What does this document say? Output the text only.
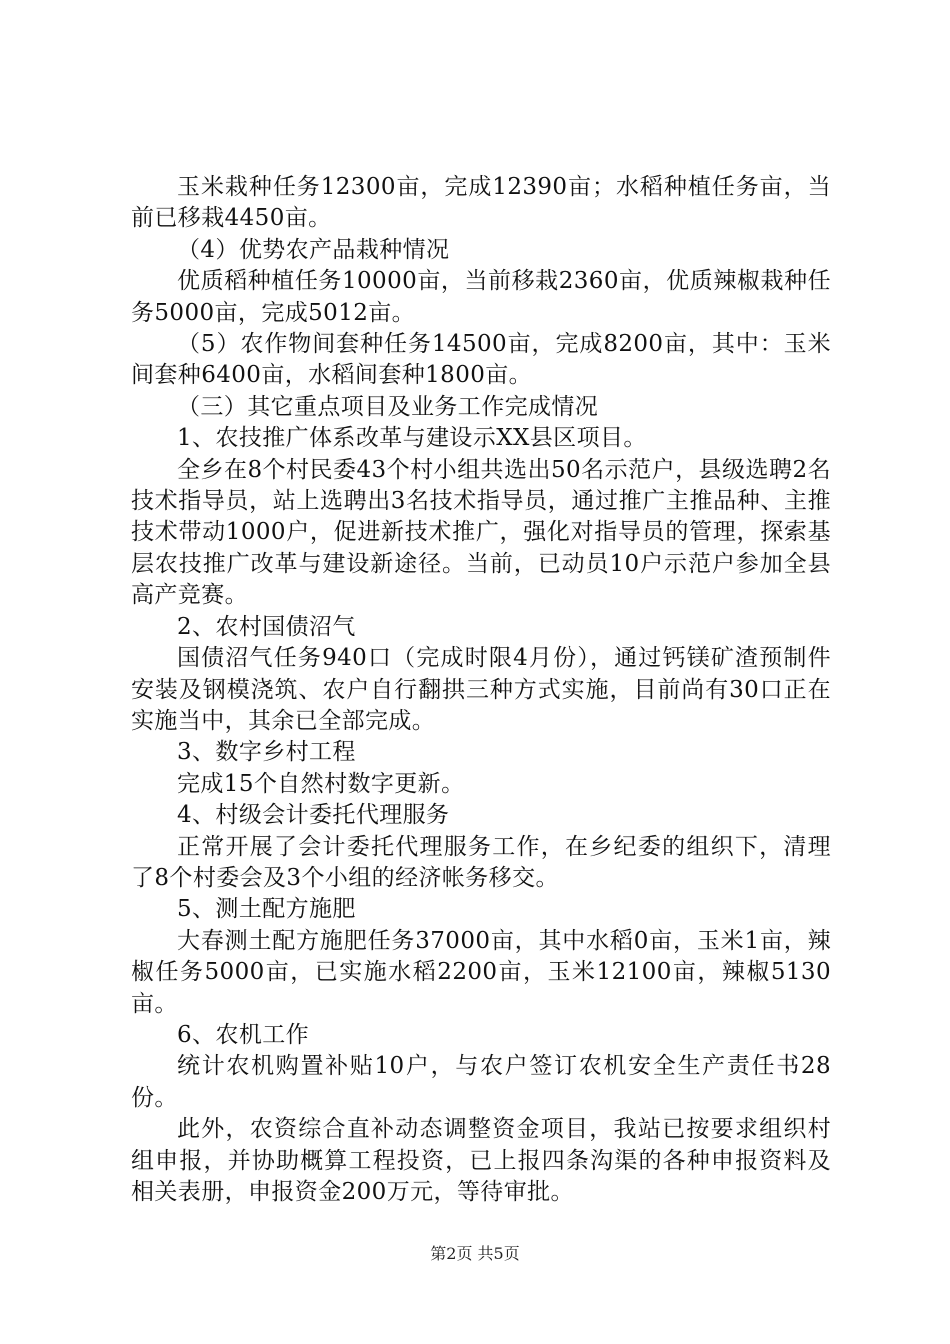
玉米栽种任务12300亩，完成12390亩；水稻种植任务亩，当前已移栽4450亩。

（4）优势农产品栽种情况

优质稻种植任务10000亩，当前移栽2360亩，优质辣椒栽种任务5000亩，完成5012亩。

（5）农作物间套种任务14500亩，完成8200亩，其中：玉米间套种6400亩，水稻间套种1800亩。

（三）其它重点项目及业务工作完成情况

1、农技推广体系改革与建设示XX县区项目。

全乡在8个村民委43个村小组共选出50名示范户，县级选聘2名技术指导员，站上选聘出3名技术指导员，通过推广主推品种、主推技术带动1000户，促进新技术推广，强化对指导员的管理，探索基层农技推广改革与建设新途径。当前，已动员10户示范户参加全县高产竞赛。

2、农村国债沼气

国债沼气任务940口（完成时限4月份），通过钙镁矿渣预制件安装及钢模浇筑、农户自行翻拱三种方式实施，目前尚有30口正在实施当中，其余已全部完成。

3、数字乡村工程

完成15个自然村数字更新。

4、村级会计委托代理服务

正常开展了会计委托代理服务工作，在乡纪委的组织下，清理了8个村委会及3个小组的经济帐务移交。

5、测土配方施肥

大春测土配方施肥任务37000亩，其中水稻0亩，玉米1亩，辣椒任务5000亩，已实施水稻2200亩，玉米12100亩，辣椒5130亩。

6、农机工作

统计农机购置补贴10户，与农户签订农机安全生产责任书28份。

此外，农资综合直补动态调整资金项目，我站已按要求组织村组申报，并协助概算工程投资，已上报四条沟渠的各种申报资料及相关表册，申报资金200万元，等待审批。

第2页 共5页
